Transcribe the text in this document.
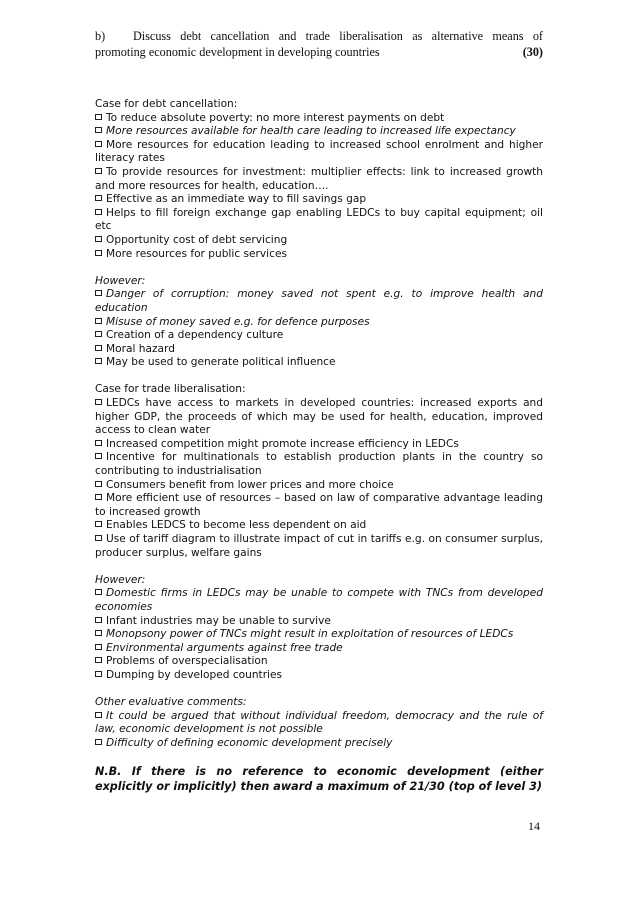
b)	Discuss debt cancellation and trade liberalisation as alternative means of
promoting economic development in developing countries	(30)
Case for debt cancellation:
To reduce absolute poverty: no more interest payments on debt
More resources available for health care leading to increased life expectancy
More resources for education leading to increased school enrolment and higher literacy rates
To provide resources for investment: multiplier effects: link to increased growth and more resources for health, education….
Effective as an immediate way to fill savings gap
Helps to fill foreign exchange gap enabling LEDCs to buy capital equipment; oil etc
Opportunity cost of debt servicing
More resources for public services
However:
Danger of corruption: money saved not spent e.g. to improve health and education
Misuse of money saved e.g. for defence purposes
Creation of a dependency culture
Moral hazard
May be used to generate political influence
Case for trade liberalisation:
LEDCs have access to markets in developed countries: increased exports and higher GDP, the proceeds of which may be used for health, education, improved access to clean water
Increased competition might promote increase efficiency in LEDCs
Incentive for multinationals to establish production plants in the country so contributing to industrialisation
Consumers benefit from lower prices and more choice
More efficient use of resources – based on law of comparative advantage leading to increased growth
Enables LEDCS to become less dependent on aid
Use of tariff diagram to illustrate impact of cut in tariffs e.g. on consumer surplus, producer surplus, welfare gains
However:
Domestic firms in LEDCs may be unable to compete with TNCs from developed economies
Infant industries may be unable to survive
Monopsony power of TNCs might result in exploitation of resources of LEDCs
Environmental arguments against free trade
Problems of overspecialisation
Dumping by developed countries
Other evaluative comments:
It could be argued that without individual freedom, democracy and the rule of law, economic development is not possible
Difficulty of defining economic development precisely
N.B. If there is no reference to economic development (either explicitly or implicitly) then award a maximum of 21/30 (top of level 3)
14
